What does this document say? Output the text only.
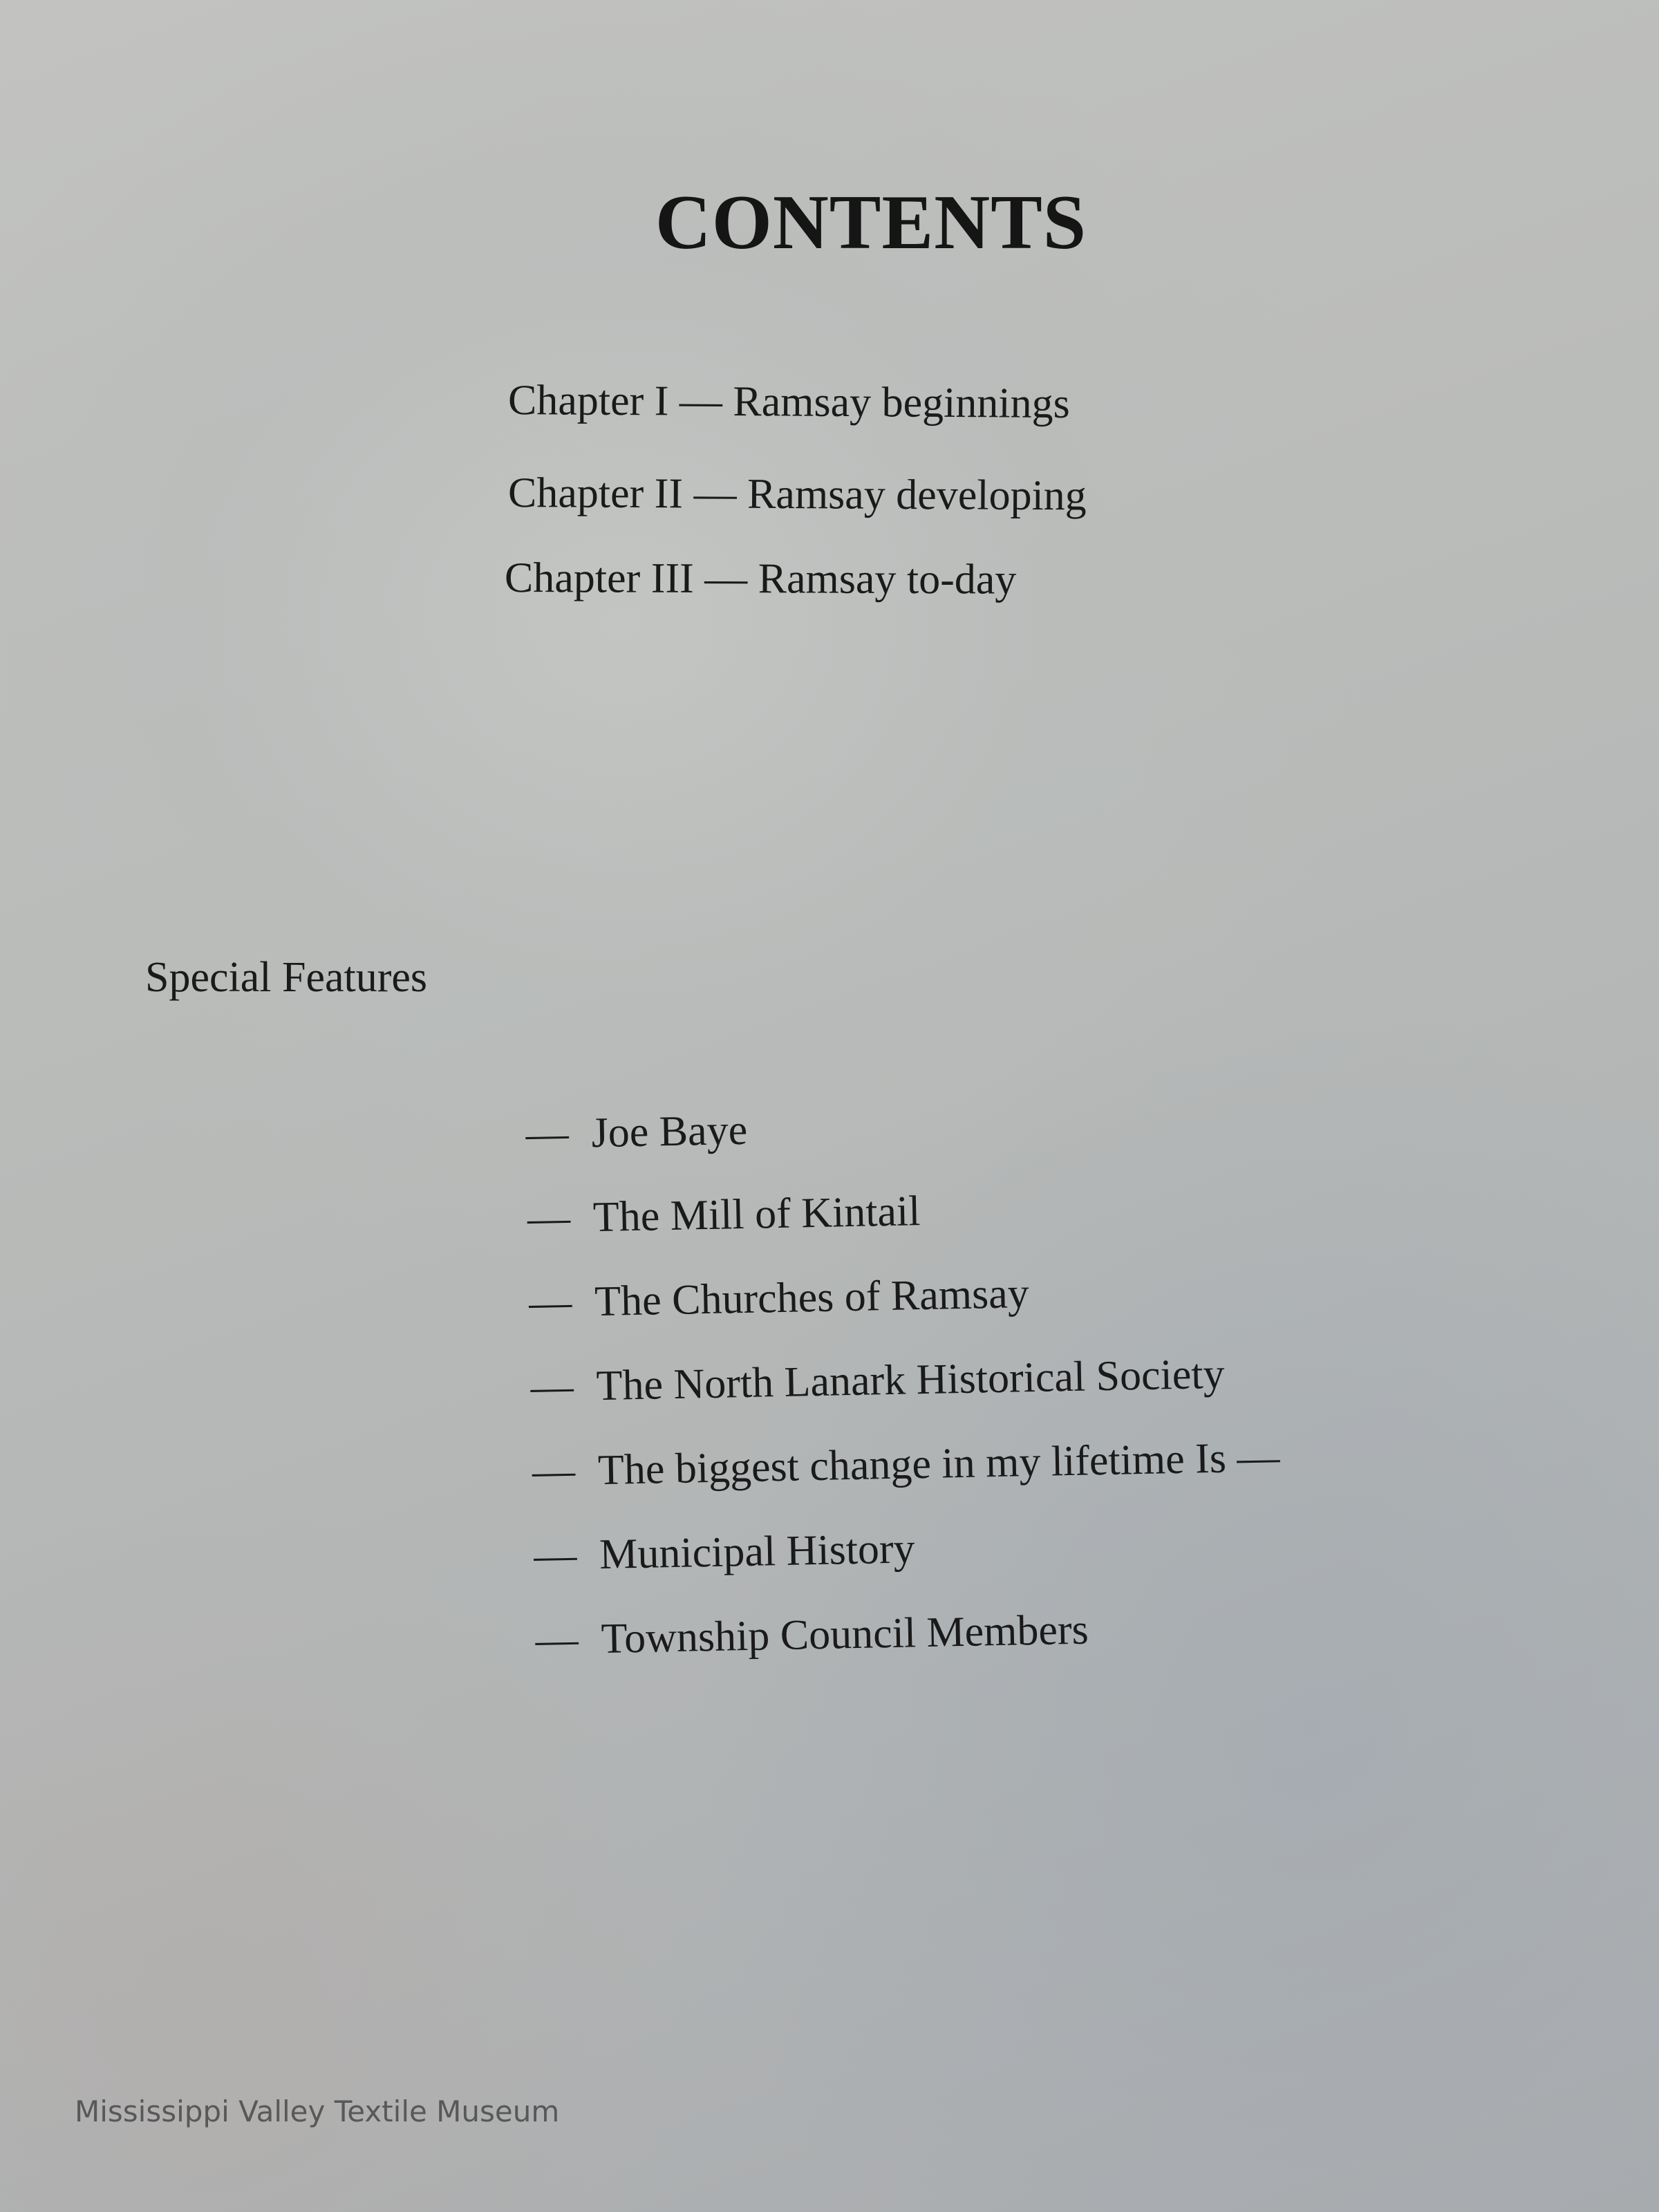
CONTENTS
Chapter I — Ramsay beginnings
Chapter II — Ramsay developing
Chapter III — Ramsay to-day
Special Features
— Joe Baye
— The Mill of Kintail
— The Churches of Ramsay
— The North Lanark Historical Society
— The biggest change in my lifetime Is —
— Municipal History
— Township Council Members
Mississippi Valley Textile Museum
